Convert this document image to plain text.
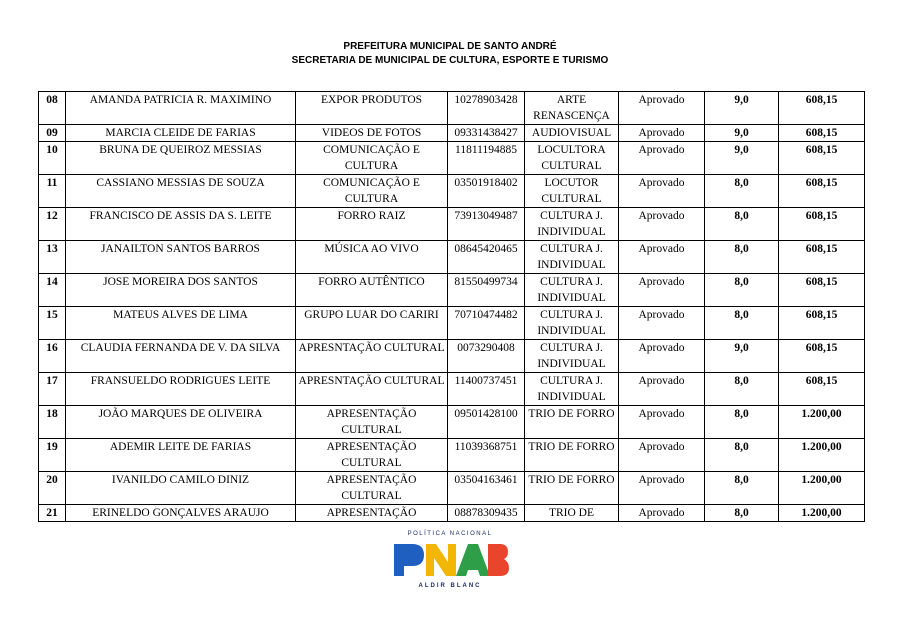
PREFEITURA MUNICIPAL DE SANTO ANDRÉ
SECRETARIA DE MUNICIPAL DE CULTURA, ESPORTE E TURISMO
08	AMANDA PATRICIA R. MAXIMINO	EXPOR PRODUTOS	10278903428	ARTE RENASCENÇA	Aprovado	9,0	608,15
09	MARCIA CLEIDE DE FARIAS	VIDEOS DE FOTOS	09331438427	AUDIOVISUAL	Aprovado	9,0	608,15
10	BRUNA DE QUEIROZ MESSIAS	COMUNICAÇÃO E CULTURA	11811194885	LOCULTORA CULTURAL	Aprovado	9,0	608,15
11	CASSIANO MESSIAS DE SOUZA	COMUNICAÇÃO E CULTURA	03501918402	LOCUTOR CULTURAL	Aprovado	8,0	608,15
12	FRANCISCO DE ASSIS DA S. LEITE	FORRO RAIZ	73913049487	CULTURA J. INDIVIDUAL	Aprovado	8,0	608,15
13	JANAILTON SANTOS BARROS	MÚSICA AO VIVO	08645420465	CULTURA J. INDIVIDUAL	Aprovado	8,0	608,15
14	JOSE MOREIRA DOS SANTOS	FORRO AUTÊNTICO	81550499734	CULTURA J. INDIVIDUAL	Aprovado	8,0	608,15
15	MATEUS ALVES DE LIMA	GRUPO LUAR DO CARIRI	70710474482	CULTURA J. INDIVIDUAL	Aprovado	8,0	608,15
16	CLAUDIA FERNANDA DE V. DA SILVA	APRESNTAÇÃO CULTURAL	0073290408	CULTURA J. INDIVIDUAL	Aprovado	9,0	608,15
17	FRANSUELDO RODRIGUES LEITE	APRESNTAÇÃO CULTURAL	11400737451	CULTURA J. INDIVIDUAL	Aprovado	8,0	608,15
18	JOÃO MARQUES DE OLIVEIRA	APRESENTAÇÃO CULTURAL	09501428100	TRIO DE FORRO	Aprovado	8,0	1.200,00
19	ADEMIR LEITE DE FARIAS	APRESENTAÇÃO CULTURAL	11039368751	TRIO DE FORRO	Aprovado	8,0	1.200,00
20	IVANILDO CAMILO DINIZ	APRESENTAÇÃO CULTURAL	03504163461	TRIO DE FORRO	Aprovado	8,0	1.200,00
21	ERINELDO GONÇALVES ARAUJO	APRESENTAÇÃO	08878309435	TRIO DE	Aprovado	8,0	1.200,00
POLÍTICA NACIONAL
ALDIR BLANC
